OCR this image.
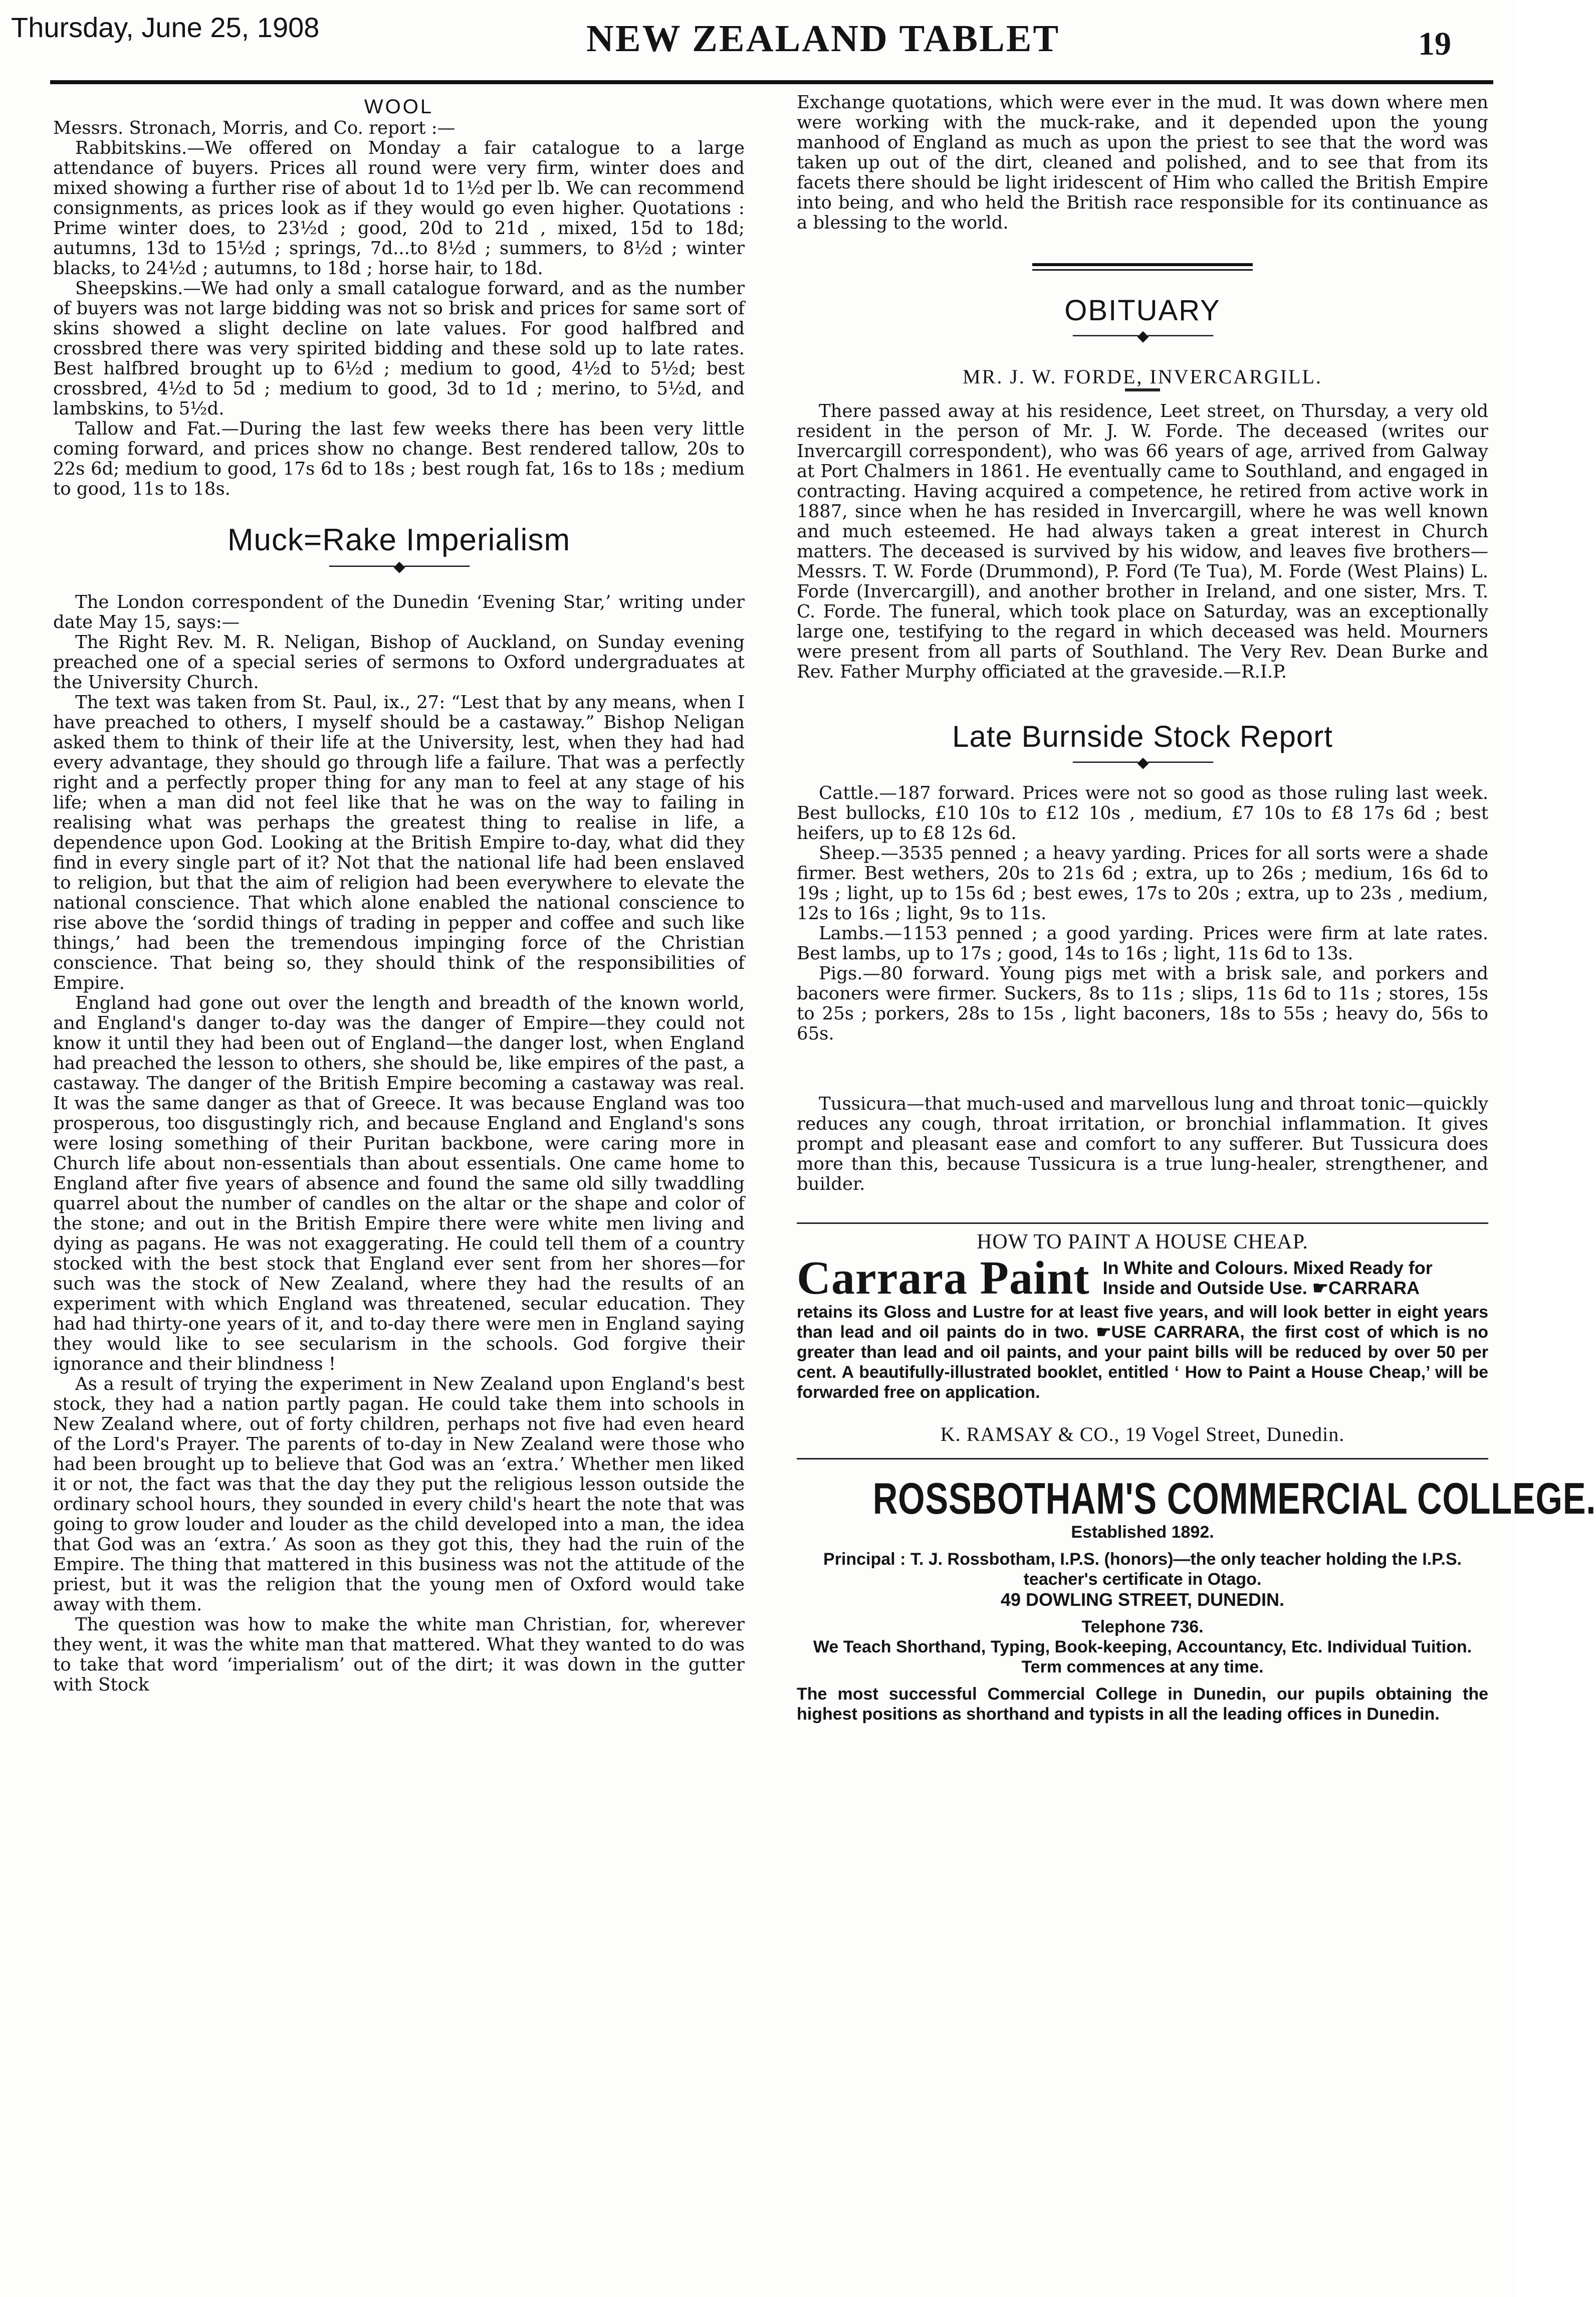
Thursday, June 25, 1908	NEW ZEALAND TABLET	19
WOOL

Messrs. Stronach, Morris, and Co. report :—

Rabbitskins.—We offered on Monday a fair catalogue to a large attendance of buyers. Prices all round were very firm, winter does and mixed showing a further rise of about 1d to 1½d per lb. We can recommend consignments, as prices look as if they would go even higher. Quotations : Prime winter does, to 23½d ; good, 20d to 21d , mixed, 15d to 18d; autumns, 13d to 15½d ; springs, 7d...to 8½d ; summers, to 8½d ; winter blacks, to 24½d ; autumns, to 18d ; horse hair, to 18d.

Sheepskins.—We had only a small catalogue forward, and as the number of buyers was not large bidding was not so brisk and prices for same sort of skins showed a slight decline on late values. For good halfbred and crossbred there was very spirited bidding and these sold up to late rates. Best halfbred brought up to 6½d ; medium to good, 4½d to 5½d; best crossbred, 4½d to 5d ; medium to good, 3d to 1d ; merino, to 5½d, and lambskins, to 5½d.

Tallow and Fat.—During the last few weeks there has been very little coming forward, and prices show no change. Best rendered tallow, 20s to 22s 6d; medium to good, 17s 6d to 18s ; best rough fat, 16s to 18s ; medium to good, 11s to 18s.

Muck=Rake Imperialism
────────◆────────

The London correspondent of the Dunedin ‘Evening Star,’ writing under date May 15, says:—

The Right Rev. M. R. Neligan, Bishop of Auckland, on Sunday evening preached one of a special series of sermons to Oxford undergraduates at the University Church.

The text was taken from St. Paul, ix., 27: “Lest that by any means, when I have preached to others, I myself should be a castaway.” Bishop Neligan asked them to think of their life at the University, lest, when they had had every advantage, they should go through life a failure. That was a perfectly right and a perfectly proper thing for any man to feel at any stage of his life; when a man did not feel like that he was on the way to failing in realising what was perhaps the greatest thing to realise in life, a dependence upon God. Looking at the British Empire to-day, what did they find in every single part of it? Not that the national life had been enslaved to religion, but that the aim of religion had been everywhere to elevate the national conscience. That which alone enabled the national conscience to rise above the ‘sordid things of trading in pepper and coffee and such like things,’ had been the tremendous impinging force of the Christian conscience. That being so, they should think of the responsibilities of Empire.

England had gone out over the length and breadth of the known world, and England's danger to-day was the danger of Empire—they could not know it until they had been out of England—the danger lost, when England had preached the lesson to others, she should be, like empires of the past, a castaway. The danger of the British Empire becoming a castaway was real. It was the same danger as that of Greece. It was because England was too prosperous, too disgustingly rich, and because England and England's sons were losing something of their Puritan backbone, were caring more in Church life about non-essentials than about essentials. One came home to England after five years of absence and found the same old silly twaddling quarrel about the number of candles on the altar or the shape and color of the stone; and out in the British Empire there were white men living and dying as pagans. He was not exaggerating. He could tell them of a country stocked with the best stock that England ever sent from her shores—for such was the stock of New Zealand, where they had the results of an experiment with which England was threatened, secular education. They had had thirty-one years of it, and to-day there were men in England saying they would like to see secularism in the schools. God forgive their ignorance and their blindness !

As a result of trying the experiment in New Zealand upon England's best stock, they had a nation partly pagan. He could take them into schools in New Zealand where, out of forty children, perhaps not five had even heard of the Lord's Prayer. The parents of to-day in New Zealand were those who had been brought up to believe that God was an ‘extra.’ Whether men liked it or not, the fact was that the day they put the religious lesson outside the ordinary school hours, they sounded in every child's heart the note that was going to grow louder and louder as the child developed into a man, the idea that God was an ‘extra.’ As soon as they got this, they had the ruin of the Empire. The thing that mattered in this business was not the attitude of the priest, but it was the religion that the young men of Oxford would take away with them.

The question was how to make the white man Christian, for, wherever they went, it was the white man that mattered. What they wanted to do was to take that word ‘imperialism’ out of the dirt; it was down in the gutter with Stock

Exchange quotations, which were ever in the mud. It was down where men were working with the muck-rake, and it depended upon the young manhood of England as much as upon the priest to see that the word was taken up out of the dirt, cleaned and polished, and to see that from its facets there should be light iridescent of Him who called the British Empire into being, and who held the British race responsible for its continuance as a blessing to the world.

OBITUARY
────────◆────────
MR. J. W. FORDE, INVERCARGILL.

There passed away at his residence, Leet street, on Thursday, a very old resident in the person of Mr. J. W. Forde. The deceased (writes our Invercargill correspondent), who was 66 years of age, arrived from Galway at Port Chalmers in 1861. He eventually came to Southland, and engaged in contracting. Having acquired a competence, he retired from active work in 1887, since when he has resided in Invercargill, where he was well known and much esteemed. He had always taken a great interest in Church matters. The deceased is survived by his widow, and leaves five brothers—Messrs. T. W. Forde (Drummond), P. Ford (Te Tua), M. Forde (West Plains) L. Forde (Invercargill), and another brother in Ireland, and one sister, Mrs. T. C. Forde. The funeral, which took place on Saturday, was an exceptionally large one, testifying to the regard in which deceased was held. Mourners were present from all parts of Southland. The Very Rev. Dean Burke and Rev. Father Murphy officiated at the graveside.—R.I.P.

Late Burnside Stock Report
────────◆────────

Cattle.—187 forward. Prices were not so good as those ruling last week. Best bullocks, £10 10s to £12 10s , medium, £7 10s to £8 17s 6d ; best heifers, up to £8 12s 6d.

Sheep.—3535 penned ; a heavy yarding. Prices for all sorts were a shade firmer. Best wethers, 20s to 21s 6d ; extra, up to 26s ; medium, 16s 6d to 19s ; light, up to 15s 6d ; best ewes, 17s to 20s ; extra, up to 23s , medium, 12s to 16s ; light, 9s to 11s.

Lambs.—1153 penned ; a good yarding. Prices were firm at late rates. Best lambs, up to 17s ; good, 14s to 16s ; light, 11s 6d to 13s.

Pigs.—80 forward. Young pigs met with a brisk sale, and porkers and baconers were firmer. Suckers, 8s to 11s ; slips, 11s 6d to 11s ; stores, 15s to 25s ; porkers, 28s to 15s , light baconers, 18s to 55s ; heavy do, 56s to 65s.

Tussicura—that much-used and marvellous lung and throat tonic—quickly reduces any cough, throat irritation, or bronchial inflammation. It gives prompt and pleasant ease and comfort to any sufferer. But Tussicura does more than this, because Tussicura is a true lung-healer, strengthener, and builder.

HOW TO PAINT A HOUSE CHEAP.
Carrara Paint In White and Colours. Mixed Ready for
Inside and Outside Use. ☛CARRARA

retains its Gloss and Lustre for at least five years, and will look better in eight years than lead and oil paints do in two. ☛USE CARRARA, the first cost of which is no greater than lead and oil paints, and your paint bills will be reduced by over 50 per cent. A beautifully-illustrated booklet, entitled ‘ How to Paint a House Cheap,’ will be forwarded free on application.

K. RAMSAY & CO., 19 Vogel Street, Dunedin.
ROSSBOTHAM'S COMMERCIAL COLLEGE.
Established 1892.

Principal : T. J. Rossbotham, I.P.S. (honors)—the only teacher holding the I.P.S. teacher's certificate in Otago.

49 DOWLING STREET, DUNEDIN.
Telephone 736.

We Teach Shorthand, Typing, Book-keeping, Accountancy, Etc. Individual Tuition. Term commences at any time.

The most successful Commercial College in Dunedin, our pupils obtaining the highest positions as shorthand and typists in all the leading offices in Dunedin.
